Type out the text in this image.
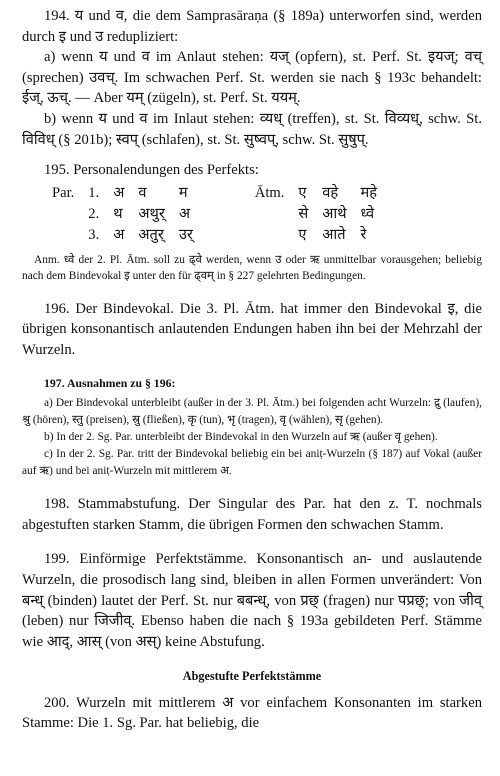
194. य und व, die dem Samprasāraṇa (§ 189a) unterworfen sind, werden durch इ und उ redupliziert:

a) wenn य und व im Anlaut stehen: यज् (opfern), st. Perf. St. इयज्; वच् (sprechen) उवच्. Im schwachen Perf. St. werden sie nach § 193c behandelt: ईज्, ऊच्. — Aber यम् (zügeln), st. Perf. St. ययम्.

b) wenn य und व im Inlaut stehen: व्यध् (treffen), st. St. विव्यध्, schw. St. विविध् (§ 201b); स्वप् (schlafen), st. St. सुष्वप्, schw. St. सुषुप्.

195. Personalendungen des Perfekts:

Par.	1.	अ	व	म		Ātm.	ए	वहे	महे
	2.	थ	अथुर्	अ			से	आथे	ध्वे
	3.	अ	अतुर्	उर्			ए	आते	रे

Anm. ध्वे der 2. Pl. Ātm. soll zu ढ्वे werden, wenn उ oder ऋ unmittelbar vorausgehen; beliebig nach dem Bindevokal इ unter den für ढ्वम् in § 227 gelehrten Bedingungen.

196. Der Bindevokal. Die 3. Pl. Ātm. hat immer den Bindevokal इ, die übrigen konsonantisch anlautenden Endungen haben ihn bei der Mehrzahl der Wurzeln.

197. Ausnahmen zu § 196:

a) Der Bindevokal unterbleibt (außer in der 3. Pl. Ātm.) bei folgenden acht Wurzeln: द्रु (laufen), श्रु (hören), स्तु (preisen), स्रु (fließen), कृ (tun), भृ (tragen), वृ (wählen), सृ (gehen).

b) In der 2. Sg. Par. unterbleibt der Bindevokal in den Wurzeln auf ऋ (außer वृ gehen).

c) In der 2. Sg. Par. tritt der Bindevokal beliebig ein bei aniṭ-Wurzeln (§ 187) auf Vokal (außer auf ऋ) und bei aniṭ-Wurzeln mit mittlerem अ.

198. Stammabstufung. Der Singular des Par. hat den z. T. nochmals abgestuften starken Stamm, die übrigen Formen den schwachen Stamm.

199. Einförmige Perfektstämme. Konsonantisch an- und auslautende Wurzeln, die prosodisch lang sind, bleiben in allen Formen unverändert: Von बन्ध् (binden) lautet der Perf. St. nur बबन्ध्, von प्रछ् (fragen) nur पप्रछ्; von जीव् (leben) nur जिजीव्. Ebenso haben die nach § 193a gebildeten Perf. Stämme wie आद्, आस् (von अस्) keine Abstufung.

Abgestufte Perfektstämme

200. Wurzeln mit mittlerem अ vor einfachem Konsonanten im starken Stamme: Die 1. Sg. Par. hat beliebig, die
